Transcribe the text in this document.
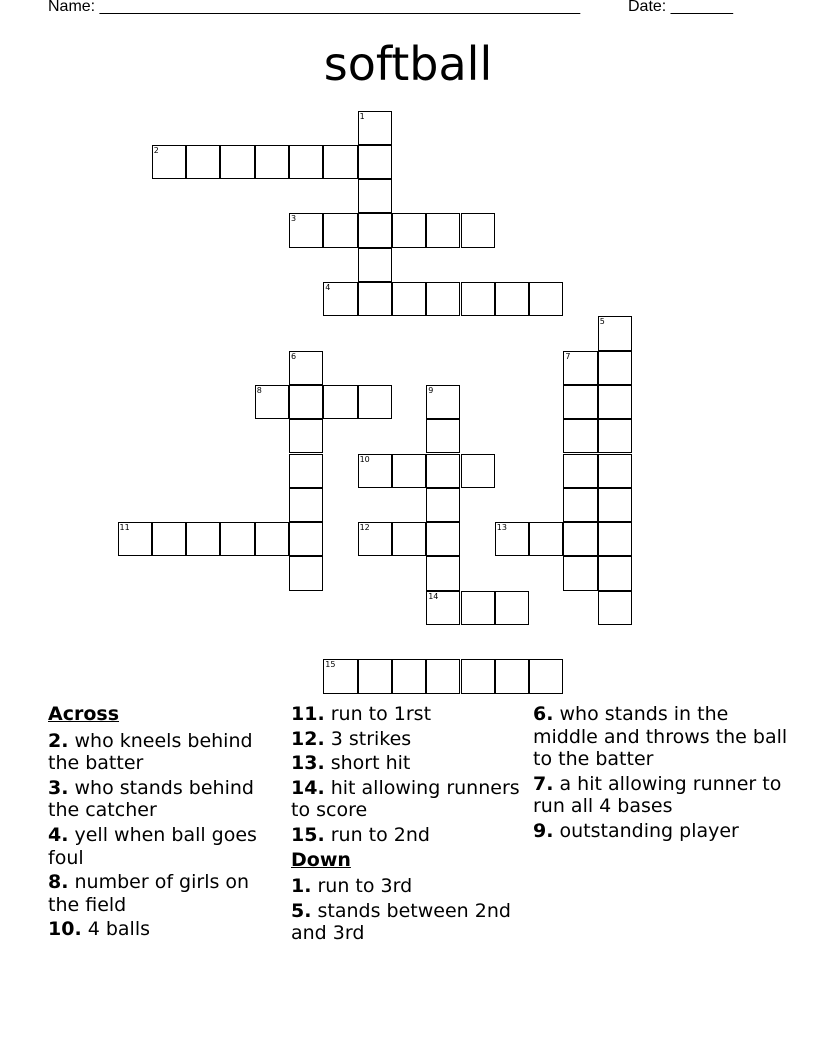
Name: ______________________________________________________	Date: _______
softball
1
2
3
4
5
6	7
8	9
10
11	12	13
14
15
Across
2. who kneels behind the batter
3. who stands behind the catcher
4. yell when ball goes foul
8. number of girls on the field
10. 4 balls
11. run to 1rst
12. 3 strikes
13. short hit
14. hit allowing runners to score
15. run to 2nd
Down
1. run to 3rd
5. stands between 2nd and 3rd
6. who stands in the middle and throws the ball to the batter
7. a hit allowing runner to run all 4 bases
9. outstanding player
